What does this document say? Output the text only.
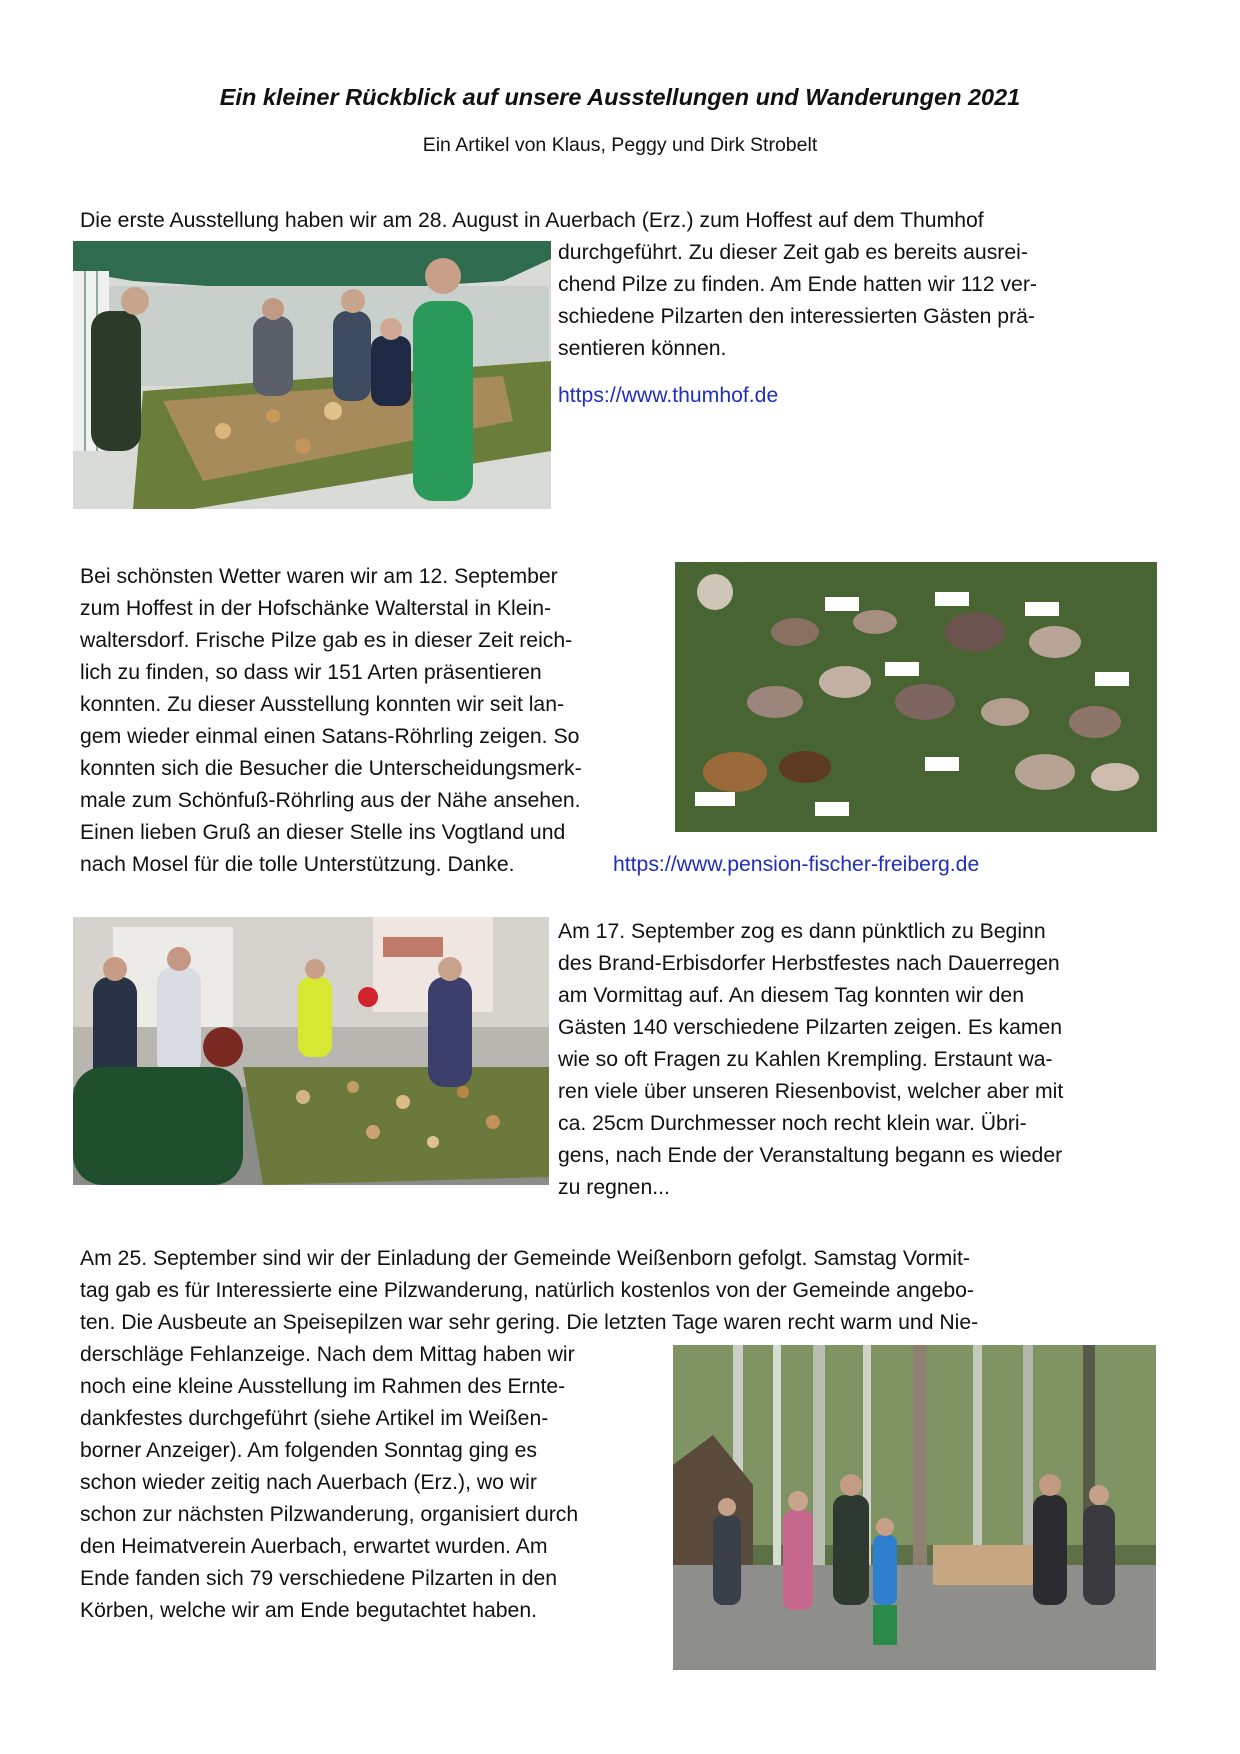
Ein kleiner Rückblick auf unsere Ausstellungen und Wanderungen 2021
Ein Artikel von Klaus, Peggy und Dirk Strobelt
Die erste Ausstellung haben wir am 28. August in Auerbach (Erz.) zum Hoffest auf dem Thumhof
durchgeführt. Zu dieser Zeit gab es bereits ausrei-
chend Pilze zu finden. Am Ende hatten wir 112 ver-
schiedene Pilzarten den interessierten Gästen prä-
sentieren können.
https://www.thumhof.de
Bei schönsten Wetter waren wir am 12. September
zum Hoffest in der Hofschänke Walterstal in Klein-
waltersdorf. Frische Pilze gab es in dieser Zeit reich-
lich zu finden, so dass wir 151 Arten präsentieren
konnten. Zu dieser Ausstellung konnten wir seit lan-
gem wieder einmal einen Satans-Röhrling zeigen. So
konnten sich die Besucher die Unterscheidungsmerk-
male zum Schönfuß-Röhrling aus der Nähe ansehen.
Einen lieben Gruß an dieser Stelle ins Vogtland und
nach Mosel für die tolle Unterstützung. Danke.	https://www.pension-fischer-freiberg.de
Am 17. September zog es dann pünktlich zu Beginn
des Brand-Erbisdorfer Herbstfestes nach Dauerregen
am Vormittag auf. An diesem Tag konnten wir den
Gästen 140 verschiedene Pilzarten zeigen. Es kamen
wie so oft Fragen zu Kahlen Krempling. Erstaunt wa-
ren viele über unseren Riesenbovist, welcher aber mit
ca. 25cm Durchmesser noch recht klein war. Übri-
gens, nach Ende der Veranstaltung begann es wieder
zu regnen...
Am 25. September sind wir der Einladung der Gemeinde Weißenborn gefolgt. Samstag Vormit-
tag gab es für Interessierte eine Pilzwanderung, natürlich kostenlos von der Gemeinde angebo-
ten. Die Ausbeute an Speisepilzen war sehr gering. Die letzten Tage waren recht warm und Nie-
derschläge Fehlanzeige. Nach dem Mittag haben wir
noch eine kleine Ausstellung im Rahmen des Ernte-
dankfestes durchgeführt (siehe Artikel im Weißen-
borner Anzeiger). Am folgenden Sonntag ging es
schon wieder zeitig nach Auerbach (Erz.), wo wir
schon zur nächsten Pilzwanderung, organisiert durch
den Heimatverein Auerbach, erwartet wurden. Am
Ende fanden sich 79 verschiedene Pilzarten in den
Körben, welche wir am Ende begutachtet haben.
